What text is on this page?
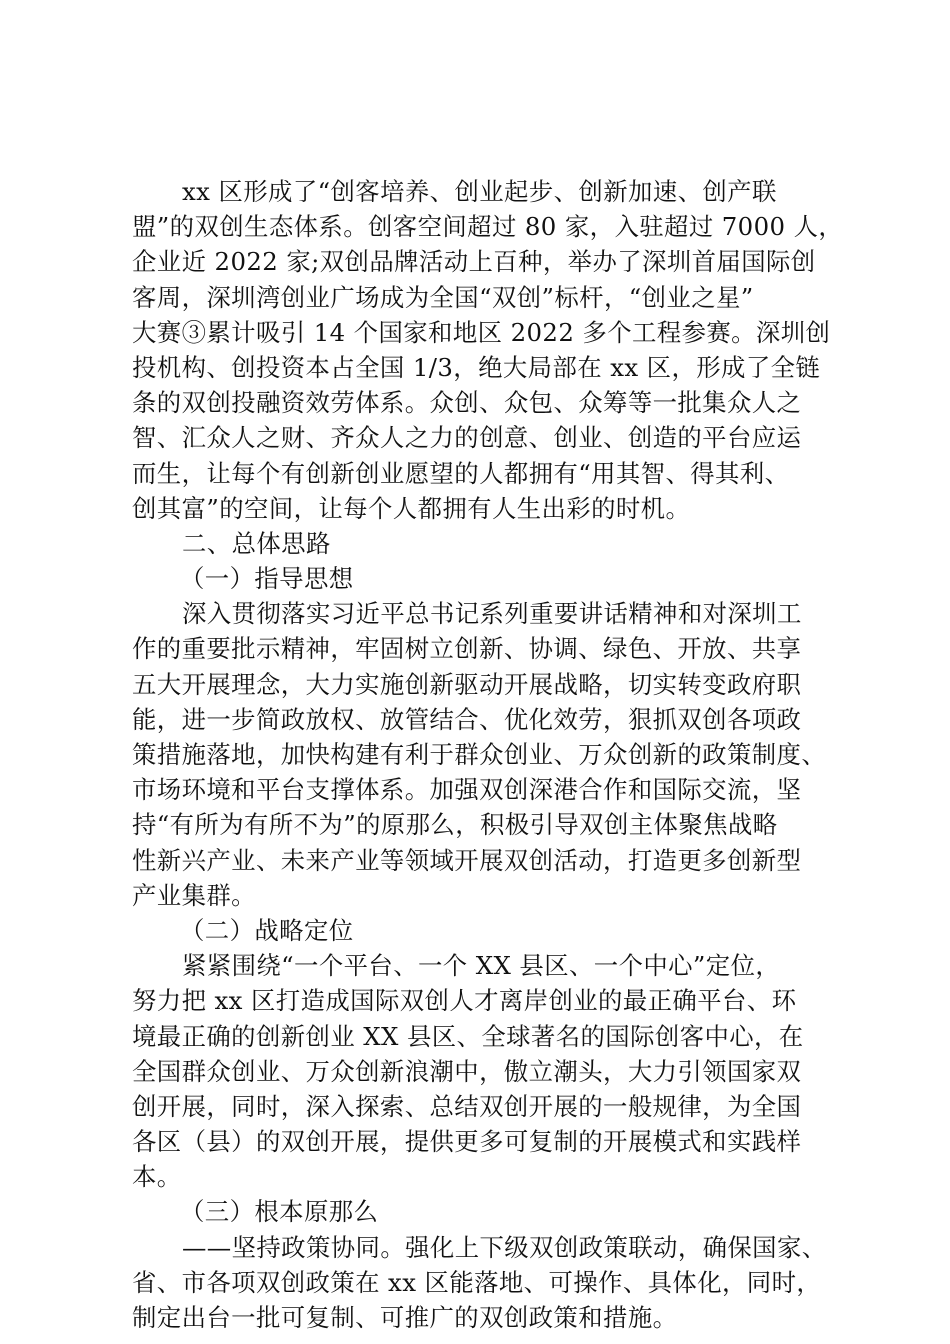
xx 区形成了“创客培养、创业起步、创新加速、创产联
盟”的双创生态体系。创客空间超过 80 家，入驻超过 7000 人，
企业近 2022 家;双创品牌活动上百种，举办了深圳首届国际创
客周，深圳湾创业广场成为全国“双创”标杆，“创业之星”
大赛③累计吸引 14 个国家和地区 2022 多个工程参赛。深圳创
投机构、创投资本占全国 1/3，绝大局部在 xx 区，形成了全链
条的双创投融资效劳体系。众创、众包、众筹等一批集众人之
智、汇众人之财、齐众人之力的创意、创业、创造的平台应运
而生，让每个有创新创业愿望的人都拥有“用其智、得其利、
创其富”的空间，让每个人都拥有人生出彩的时机。
二、总体思路
（一）指导思想
深入贯彻落实习近平总书记系列重要讲话精神和对深圳工
作的重要批示精神，牢固树立创新、协调、绿色、开放、共享
五大开展理念，大力实施创新驱动开展战略，切实转变政府职
能，进一步简政放权、放管结合、优化效劳，狠抓双创各项政
策措施落地，加快构建有利于群众创业、万众创新的政策制度、
市场环境和平台支撑体系。加强双创深港合作和国际交流，坚
持“有所为有所不为”的原那么，积极引导双创主体聚焦战略
性新兴产业、未来产业等领域开展双创活动，打造更多创新型
产业集群。
（二）战略定位
紧紧围绕“一个平台、一个 XX 县区、一个中心”定位，
努力把 xx 区打造成国际双创人才离岸创业的最正确平台、环
境最正确的创新创业 XX 县区、全球著名的国际创客中心，在
全国群众创业、万众创新浪潮中，傲立潮头，大力引领国家双
创开展，同时，深入探索、总结双创开展的一般规律，为全国
各区（县）的双创开展，提供更多可复制的开展模式和实践样
本。
（三）根本原那么
——坚持政策协同。强化上下级双创政策联动，确保国家、
省、市各项双创政策在 xx 区能落地、可操作、具体化，同时，
制定出台一批可复制、可推广的双创政策和措施。
